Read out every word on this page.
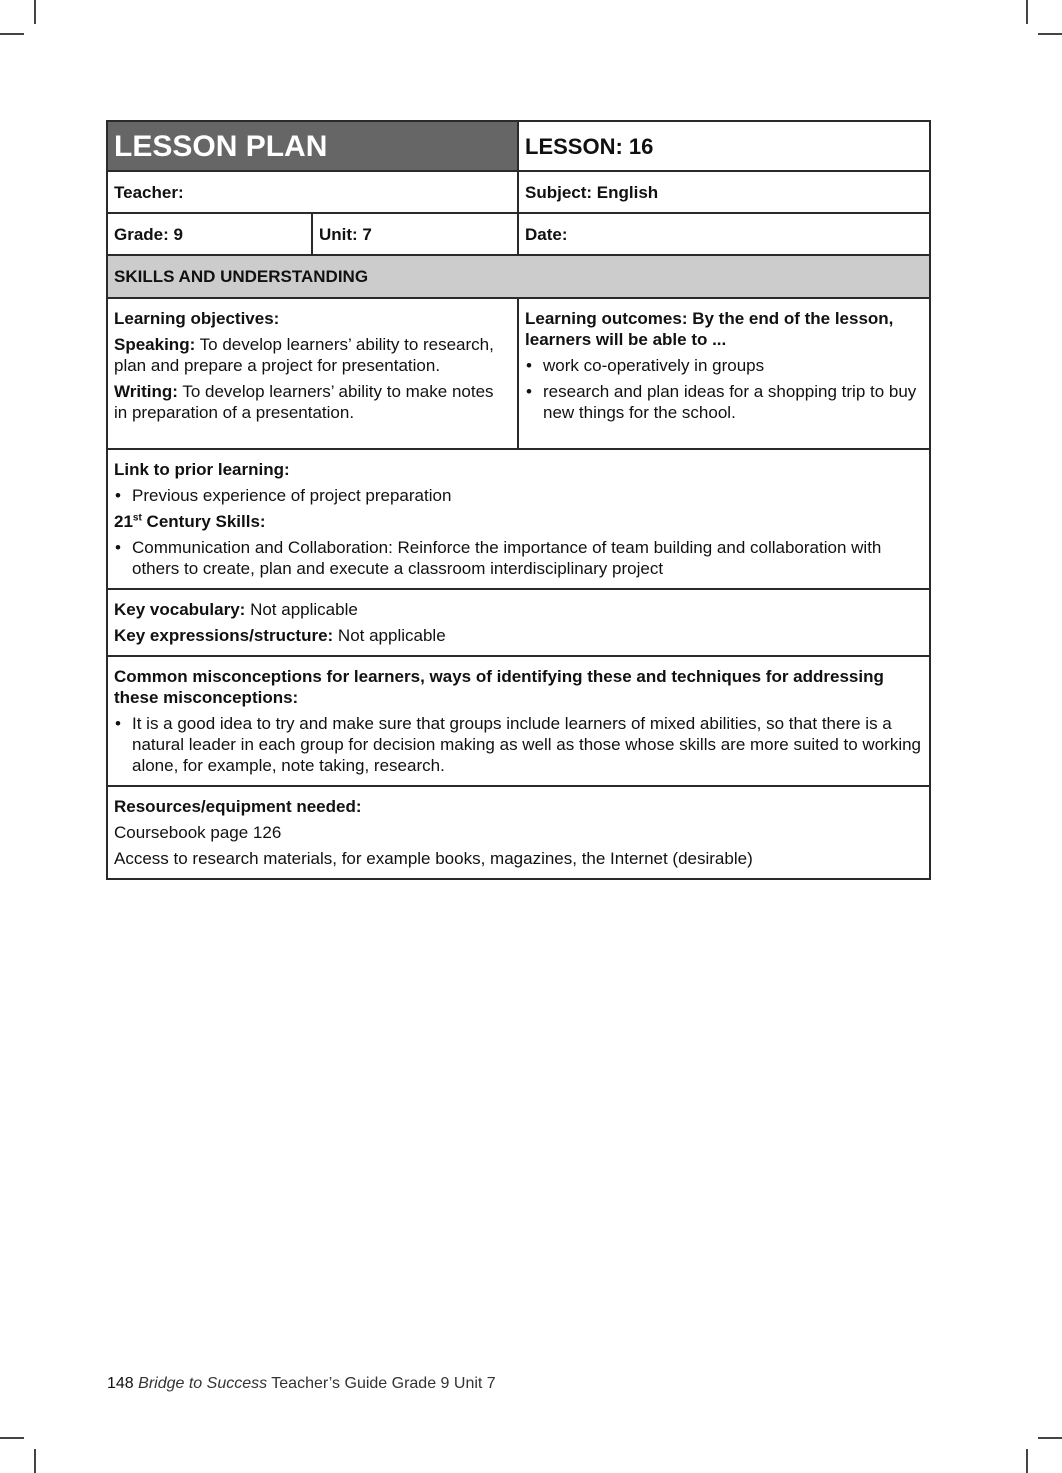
LESSON PLAN		LESSON: 16
Teacher:		Subject: English
Grade: 9	Unit: 7	Date:
SKILLS AND UNDERSTANDING		

Learning objectives:
Speaking: To develop learners’ ability to research, plan and prepare a project for presentation.
Writing: To develop learners’ ability to make notes in preparation of a presentation.

Learning outcomes: By the end of the lesson, learners will be able to ...
• work co-operatively in groups
• research and plan ideas for a shopping trip to buy new things for the school.

Link to prior learning:
• Previous experience of project preparation
21st Century Skills:
• Communication and Collaboration: Reinforce the importance of team building and collaboration with others to create, plan and execute a classroom interdisciplinary project

Key vocabulary: Not applicable
Key expressions/structure: Not applicable		

Common misconceptions for learners, ways of identifying these and techniques for addressing these misconceptions:
• It is a good idea to try and make sure that groups include learners of mixed abilities, so that there is a natural leader in each group for decision making as well as those whose skills are more suited to working alone, for example, note taking, research.

Resources/equipment needed:
Coursebook page 126
Access to research materials, for example books, magazines, the Internet (desirable)		
148 Bridge to Success Teacher’s Guide Grade 9 Unit 7
